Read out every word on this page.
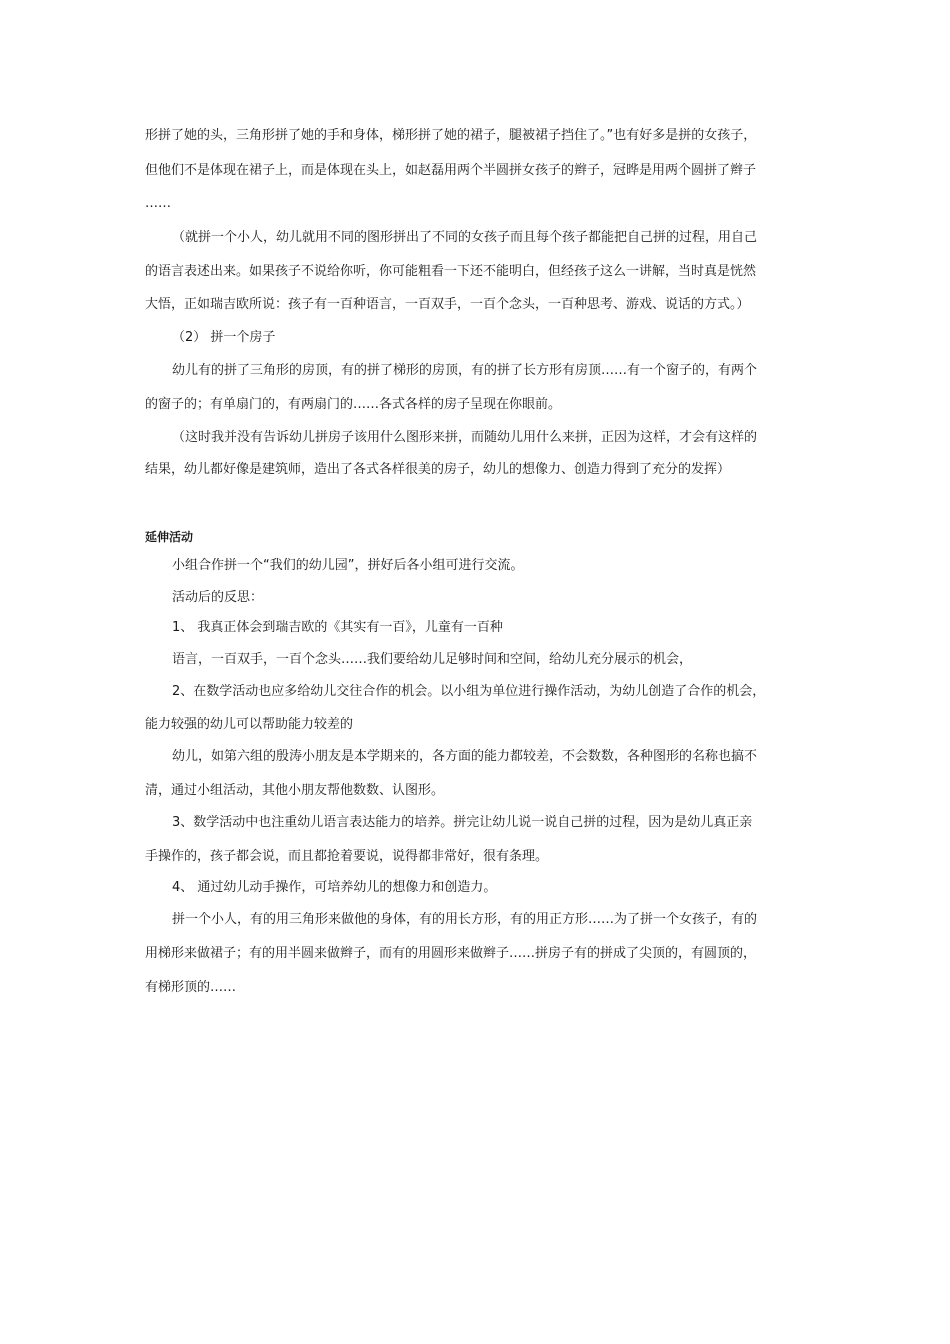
形拼了她的头，三角形拼了她的手和身体，梯形拼了她的裙子，腿被裙子挡住了。”也有好多是拼的女孩子，
但他们不是体现在裙子上，而是体现在头上，如赵磊用两个半圆拼女孩子的辫子，冠晔是用两个圆拼了辫子
……
（就拼一个小人，幼儿就用不同的图形拼出了不同的女孩子而且每个孩子都能把自己拼的过程，用自己
的语言表述出来。如果孩子不说给你听，你可能粗看一下还不能明白，但经孩子这么一讲解，当时真是恍然
大悟，正如瑞吉欧所说：孩子有一百种语言，一百双手，一百个念头，一百种思考、游戏、说话的方式。）
（2） 拼一个房子
幼儿有的拼了三角形的房顶，有的拼了梯形的房顶，有的拼了长方形有房顶……有一个窗子的，有两个
的窗子的；有单扇门的，有两扇门的……各式各样的房子呈现在你眼前。
（这时我并没有告诉幼儿拼房子该用什么图形来拼，而随幼儿用什么来拼，正因为这样，才会有这样的
结果，幼儿都好像是建筑师，造出了各式各样很美的房子，幼儿的想像力、创造力得到了充分的发挥）
延伸活动
小组合作拼一个“我们的幼儿园”，拼好后各小组可进行交流。
活动后的反思：
1、 我真正体会到瑞吉欧的《其实有一百》，儿童有一百种
语言，一百双手，一百个念头……我们要给幼儿足够时间和空间，给幼儿充分展示的机会，
2、在数学活动也应多给幼儿交往合作的机会。以小组为单位进行操作活动，为幼儿创造了合作的机会，
能力较强的幼儿可以帮助能力较差的
幼儿，如第六组的殷涛小朋友是本学期来的，各方面的能力都较差，不会数数，各种图形的名称也搞不
清，通过小组活动，其他小朋友帮他数数、认图形。
3、数学活动中也注重幼儿语言表达能力的培养。拼完让幼儿说一说自己拼的过程，因为是幼儿真正亲
手操作的，孩子都会说，而且都抢着要说，说得都非常好，很有条理。
4、 通过幼儿动手操作，可培养幼儿的想像力和创造力。
拼一个小人，有的用三角形来做他的身体，有的用长方形，有的用正方形……为了拼一个女孩子，有的
用梯形来做裙子；有的用半圆来做辫子，而有的用圆形来做辫子……拼房子有的拼成了尖顶的，有圆顶的，
有梯形顶的……
